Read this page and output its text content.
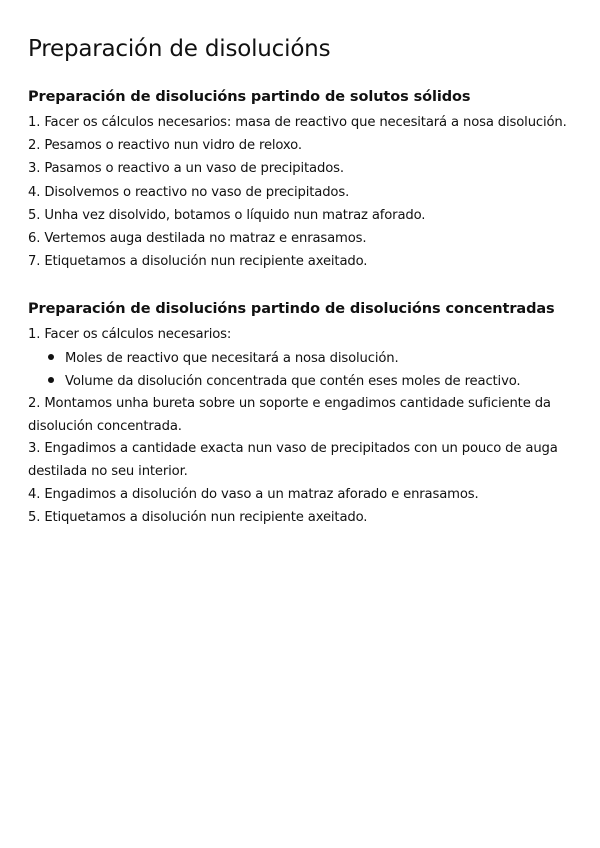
Preparación de disolucións
Preparación de disolucións partindo de solutos sólidos
1. Facer os cálculos necesarios: masa de reactivo que necesitará a nosa disolución.
2. Pesamos o reactivo nun vidro de reloxo.
3. Pasamos o reactivo a un vaso de precipitados.
4. Disolvemos o reactivo no vaso de precipitados.
5. Unha vez disolvido, botamos o líquido nun matraz aforado.
6. Vertemos auga destilada no matraz e enrasamos.
7. Etiquetamos a disolución nun recipiente axeitado.
Preparación de disolucións partindo de disolucións concentradas
1. Facer os cálculos necesarios:
Moles de reactivo que necesitará a nosa disolución.
Volume da disolución concentrada que contén eses moles de reactivo.
2. Montamos unha bureta sobre un soporte e engadimos cantidade suficiente da disolución concentrada.
3. Engadimos a cantidade exacta nun vaso de precipitados con un pouco de auga destilada no seu interior.
4. Engadimos a disolución do vaso a un matraz aforado e enrasamos.
5. Etiquetamos a disolución nun recipiente axeitado.
